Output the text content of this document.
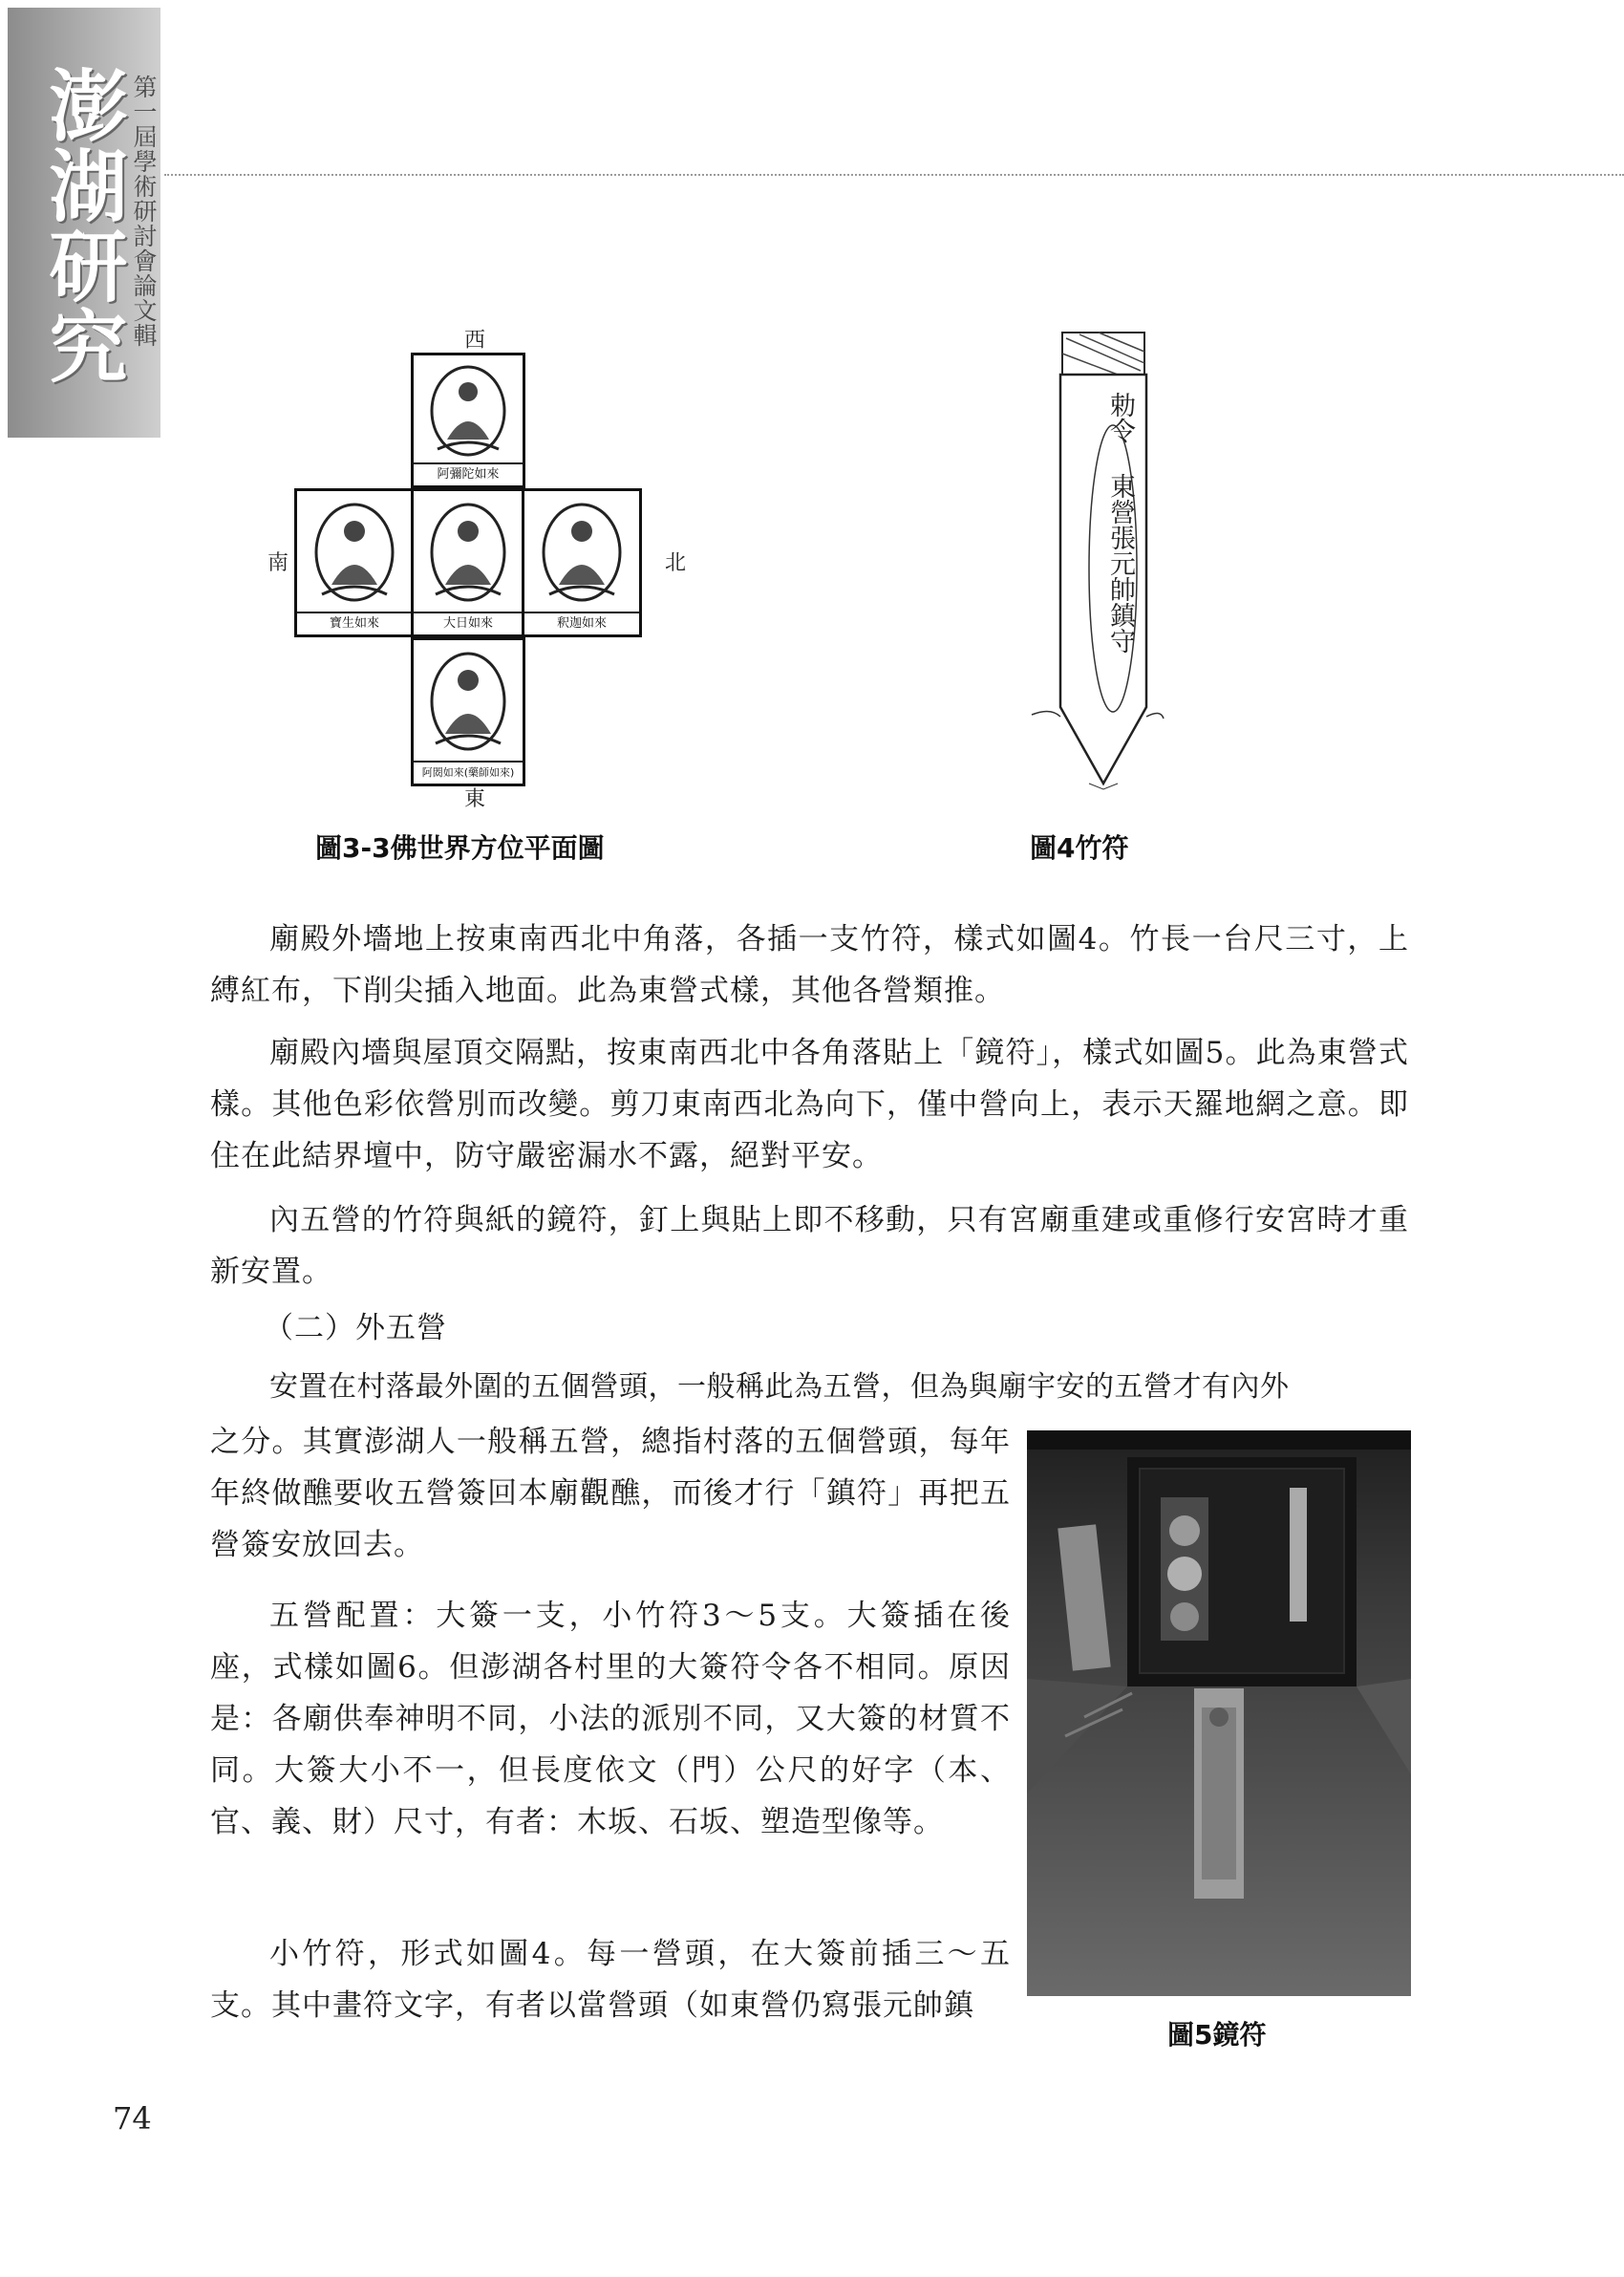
澎湖研究 第一屆學術研討會論文輯	西
南	北
東
阿彌陀如來
寶生如來	大日如來	釈迦如來
阿閦如來(藥師如來)
圖3-3佛世界方位平面圖
勅令 東營張元帥鎮守
圖4竹符
圖5鏡符

廟殿外墻地上按東南西北中角落，各插一支竹符，樣式如圖4。竹長一台尺三寸，上縛紅布，下削尖插入地面。此為東營式樣，其他各營類推。

廟殿內墻與屋頂交隔點，按東南西北中各角落貼上「鏡符」，樣式如圖5。此為東營式樣。其他色彩依營別而改變。剪刀東南西北為向下，僅中營向上，表示天羅地網之意。即住在此結界壇中，防守嚴密漏水不露，絕對平安。

內五營的竹符與紙的鏡符，釘上與貼上即不移動，只有宮廟重建或重修行安宮時才重新安置。

（二）外五營

安置在村落最外圍的五個營頭，一般稱此為五營，但為與廟宇安的五營才有內外

之分。其實澎湖人一般稱五營，總指村落的五個營頭，每年年終做醮要收五營簽回本廟觀醮，而後才行「鎮符」再把五營簽安放回去。

五營配置：大簽一支，小竹符3～5支。大簽插在後座，式樣如圖6。但澎湖各村里的大簽符令各不相同。原因是：各廟供奉神明不同，小法的派別不同，又大簽的材質不同。大簽大小不一，但長度依文（門）公尺的好字（本、官、義、財）尺寸，有者：木坂、石坂、塑造型像等。

小竹符，形式如圖4。每一營頭，在大簽前插三～五支。其中畫符文字，有者以當營頭（如東營仍寫張元帥鎮

74
